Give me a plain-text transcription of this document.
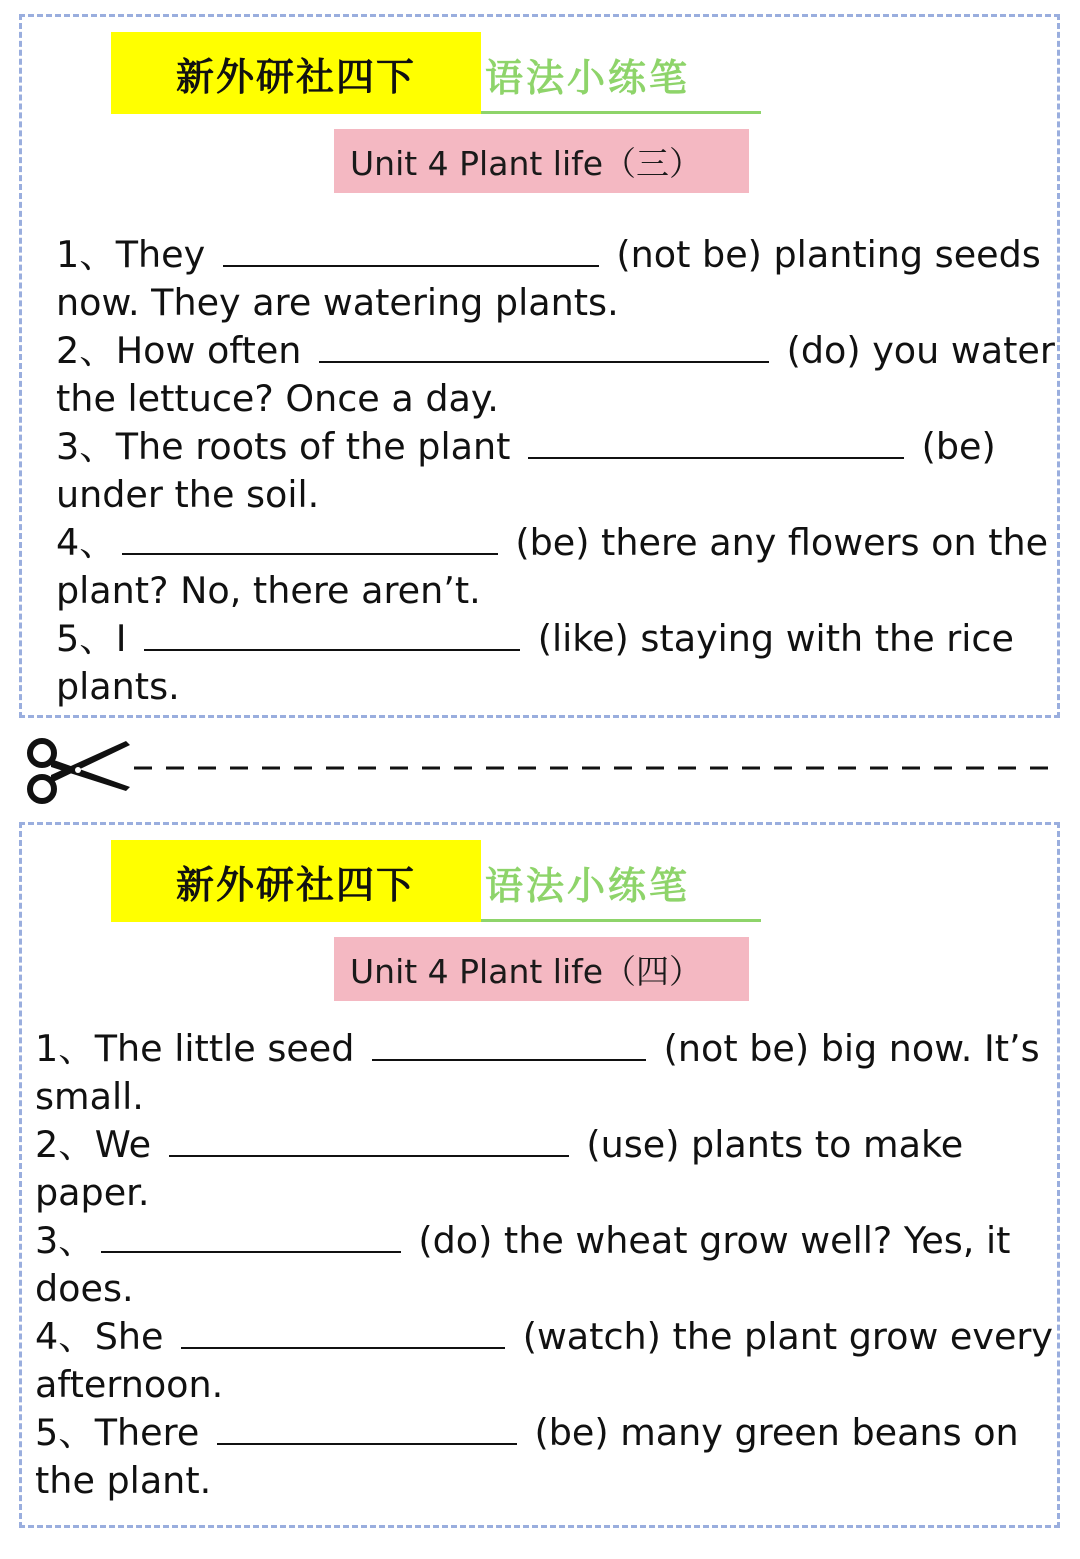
新外研社四下	语法小练笔
Unit 4 Plant life（三）
1、They	(not be) planting seeds now. They are watering plants.
2、How often	(do) you water the lettuce? Once a day.
3、The roots of the plant	(be) under the soil.
4、	(be) there any flowers on the plant? No, there aren’t.
5、I	(like) staying with the rice plants.
新外研社四下	语法小练笔
Unit 4 Plant life（四）
1、The little seed	(not be) big now. It’s small.
2、We	(use) plants to make paper.
3、	(do) the wheat grow well? Yes, it does.
4、She	(watch) the plant grow every afternoon.
5、There	(be) many green beans on the plant.
